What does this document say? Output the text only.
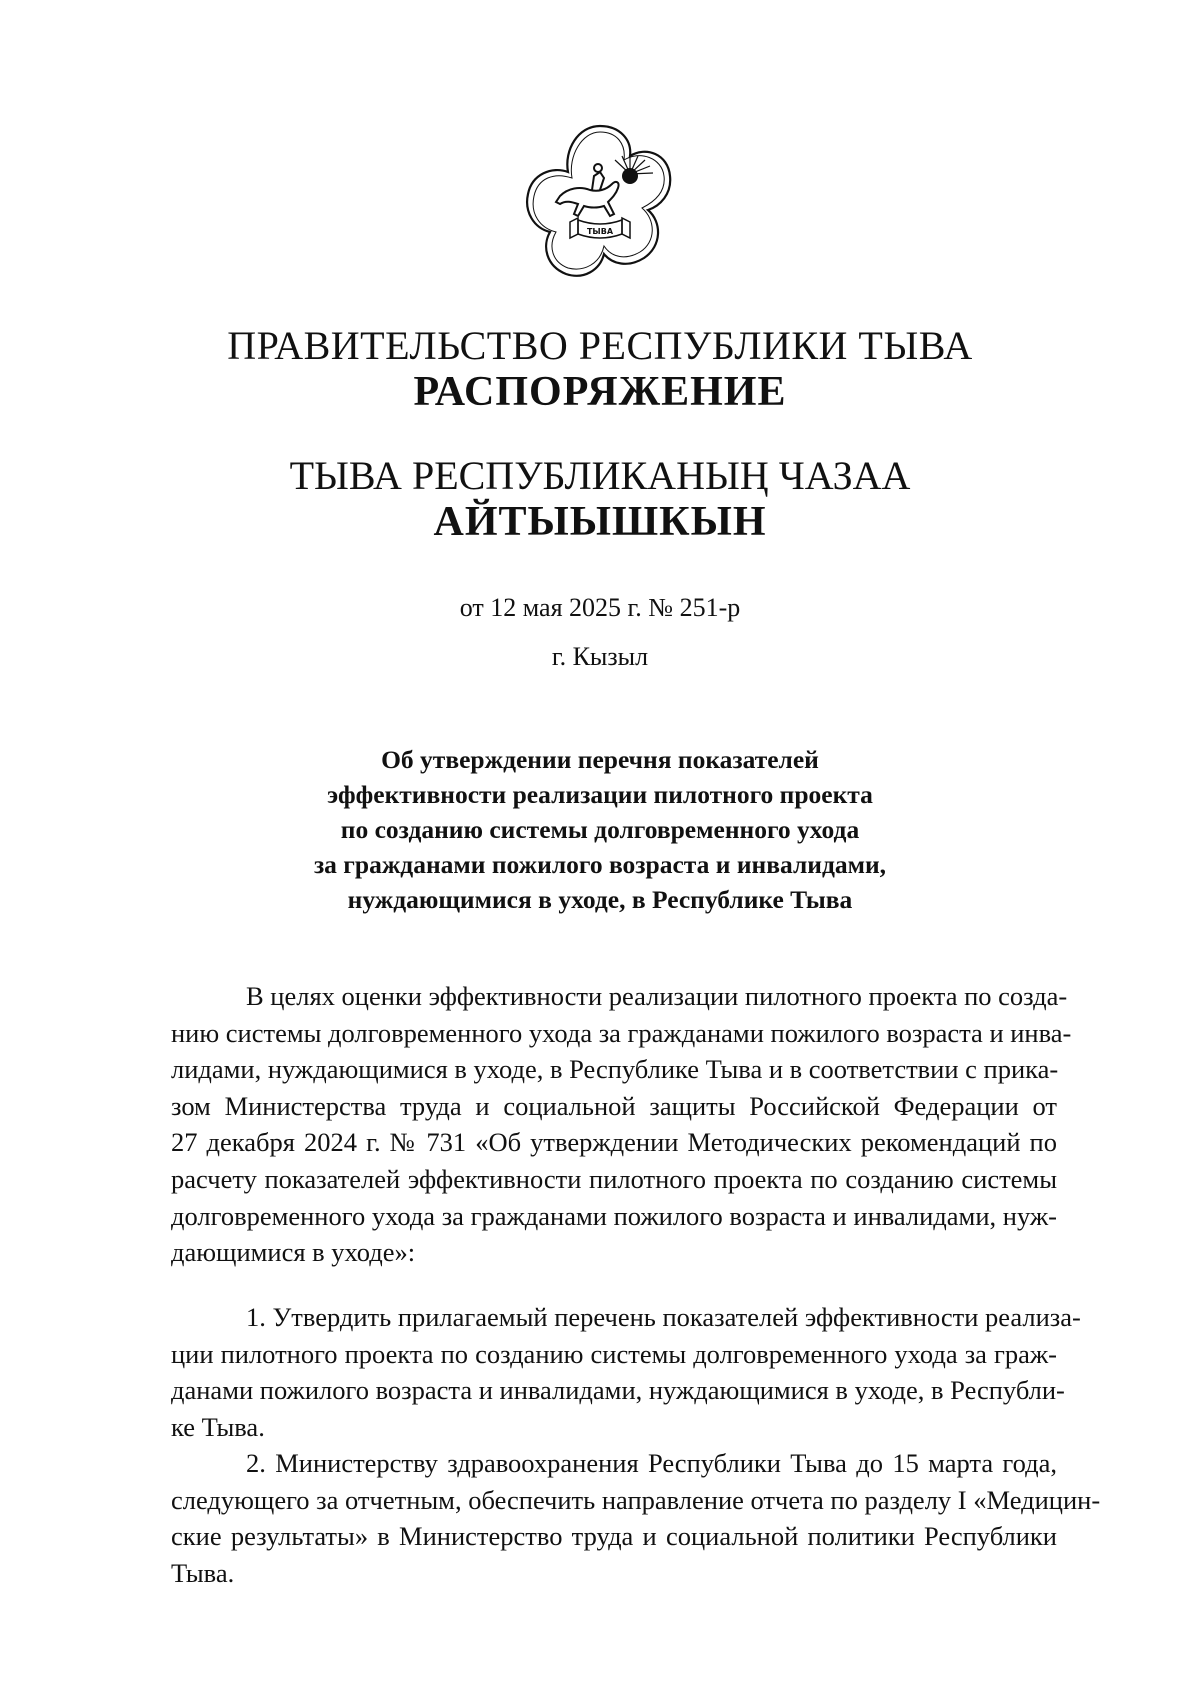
ТЫВА
ПРАВИТЕЛЬСТВО РЕСПУБЛИКИ ТЫВА
РАСПОРЯЖЕНИЕ
ТЫВА РЕСПУБЛИКАНЫҢ ЧАЗАА
АЙТЫЫШКЫН
от 12 мая 2025 г. № 251-р
г. Кызыл
Об утверждении перечня показателей
эффективности реализации пилотного проекта
по созданию системы долговременного ухода
за гражданами пожилого возраста и инвалидами,
нуждающимися в уходе, в Республике Тыва
В целях оценки эффективности реализации пилотного проекта по созда-
нию системы долговременного ухода за гражданами пожилого возраста и инва-
лидами, нуждающимися в уходе, в Республике Тыва и в соответствии с прика-
зом Министерства труда и социальной защиты Российской Федерации от
27 декабря 2024 г. № 731 «Об утверждении Методических рекомендаций по
расчету показателей эффективности пилотного проекта по созданию системы
долговременного ухода за гражданами пожилого возраста и инвалидами, нуж-
дающимися в уходе»:
1. Утвердить прилагаемый перечень показателей эффективности реализа-
ции пилотного проекта по созданию системы долговременного ухода за граж-
данами пожилого возраста и инвалидами, нуждающимися в уходе, в Республи-
ке Тыва.
2. Министерству здравоохранения Республики Тыва до 15 марта года,
следующего за отчетным, обеспечить направление отчета по разделу I «Медицин-
ские результаты» в Министерство труда и социальной политики Республики
Тыва.
